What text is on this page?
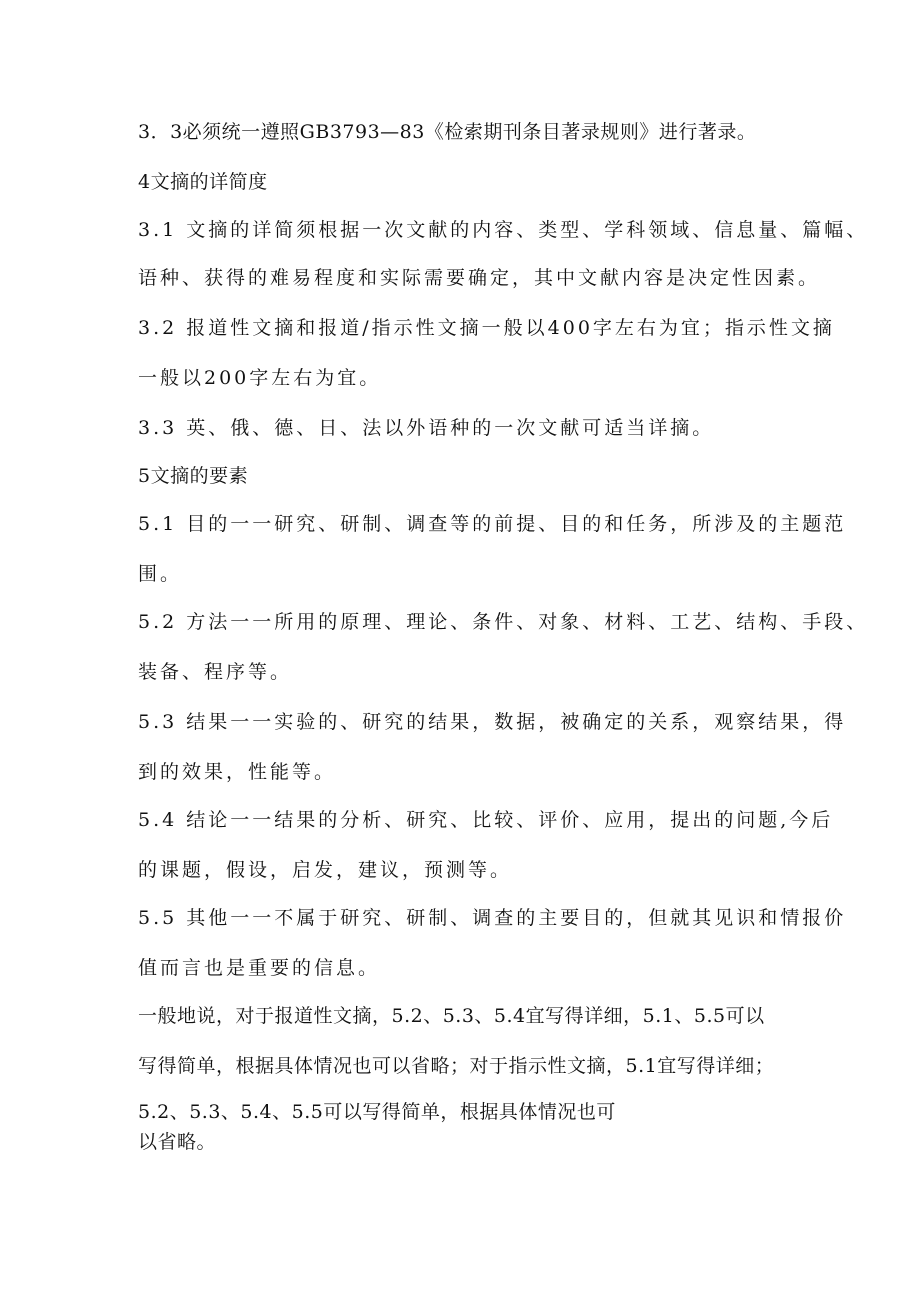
3．3必须统一遵照GB3793—83《检索期刊条目著录规则》进行著录。
4文摘的详简度
3.1 文摘的详简须根据一次文献的内容、类型、学科领域、信息量、篇幅、
语种、获得的难易程度和实际需要确定，其中文献内容是决定性因素。
3.2 报道性文摘和报道/指示性文摘一般以400字左右为宜；指示性文摘
一般以200字左右为宜。
3.3 英、俄、德、日、法以外语种的一次文献可适当详摘。
5文摘的要素
5.1 目的一一研究、研制、调查等的前提、目的和任务，所涉及的主题范
围。
5.2 方法一一所用的原理、理论、条件、对象、材料、工艺、结构、手段、
装备、程序等。
5.3 结果一一实验的、研究的结果，数据，被确定的关系，观察结果，得
到的效果，性能等。
5.4 结论一一结果的分析、研究、比较、评价、应用，提出的问题,今后
的课题，假设，启发，建议，预测等。
5.5 其他一一不属于研究、研制、调查的主要目的，但就其见识和情报价
值而言也是重要的信息。
一般地说，对于报道性文摘，5.2、5.3、5.4宜写得详细，5.1、5.5可以
写得简单，根据具体情况也可以省略；对于指示性文摘，5.1宜写得详细；
5.2、5.3、5.4、5.5可以写得简单，根据具体情况也可
以省略。
